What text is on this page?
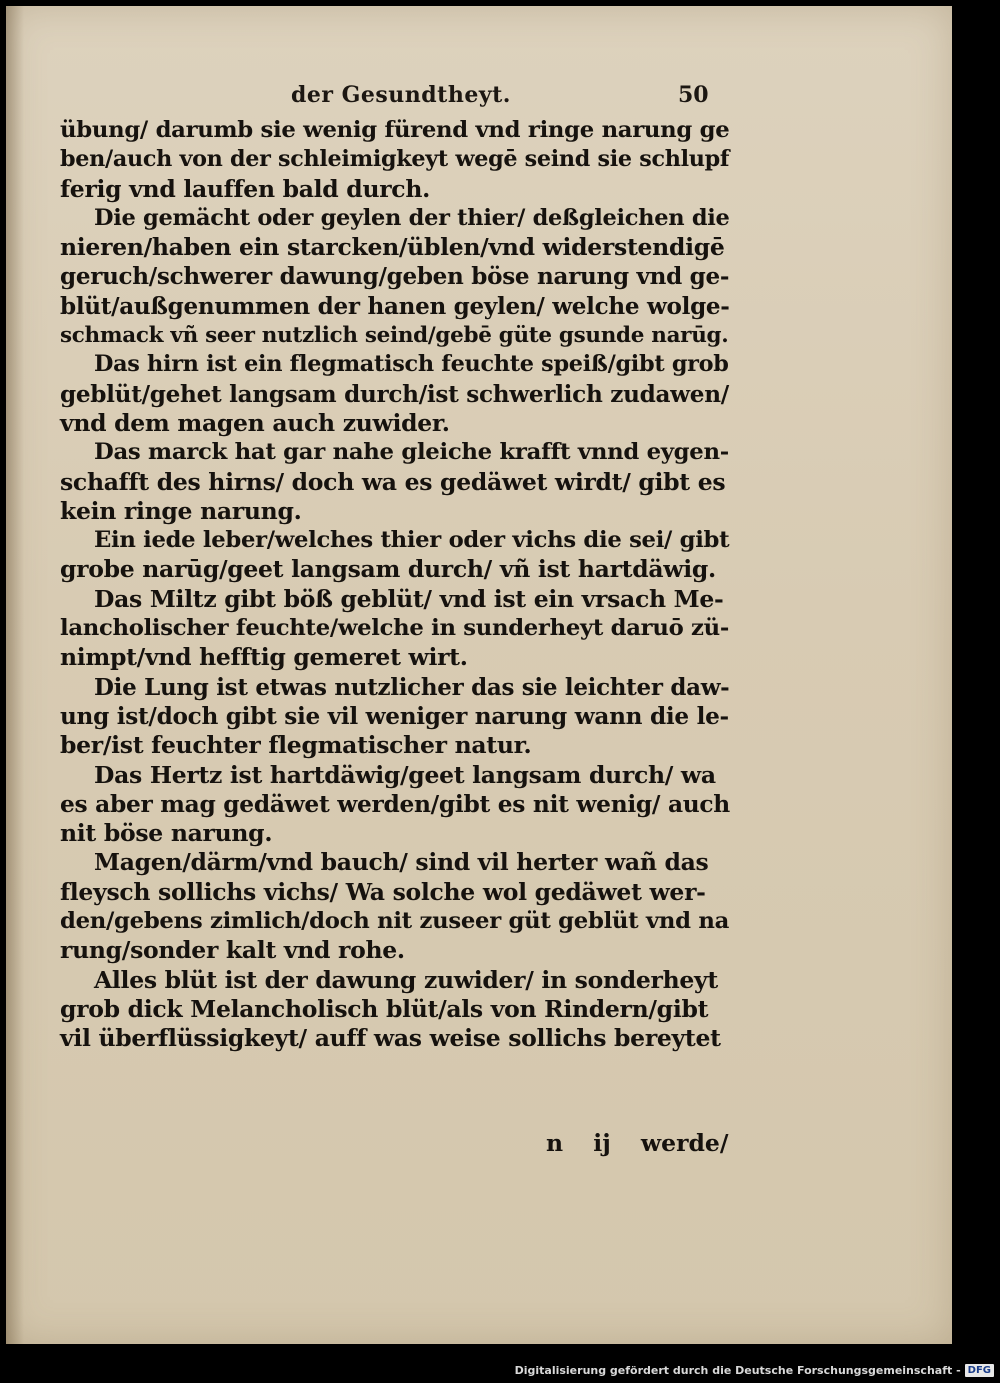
der Gesundtheyt.	50
übung/ darumb sie wenig fürend vnd ringe narung ge
ben/auch von der schleimigkeyt wegē seind sie schlupf
ferig vnd lauffen bald durch.
Die gemächt oder geylen der thier/ deßgleichen die
nieren/haben ein starcken/üblen/vnd widerstendigē
geruch/schwerer dawung/geben böse narung vnd ge-
blüt/außgenummen der hanen geylen/ welche wolge-
schmack vñ seer nutzlich seind/gebē güte gsunde narūg.
Das hirn ist ein flegmatisch feuchte speiß/gibt grob
geblüt/gehet langsam durch/ist schwerlich zudawen/
vnd dem magen auch zuwider.
Das marck hat gar nahe gleiche krafft vnnd eygen-
schafft des hirns/ doch wa es gedäwet wirdt/ gibt es
kein ringe narung.
Ein iede leber/welches thier oder vichs die sei/ gibt
grobe narūg/geet langsam durch/ vñ ist hartdäwig.
Das Miltz gibt böß geblüt/ vnd ist ein vrsach Me-
lancholischer feuchte/welche in sunderheyt daruō zü-
nimpt/vnd hefftig gemeret wirt.
Die Lung ist etwas nutzlicher das sie leichter daw-
ung ist/doch gibt sie vil weniger narung wann die le-
ber/ist feuchter flegmatischer natur.
Das Hertz ist hartdäwig/geet langsam durch/ wa
es aber mag gedäwet werden/gibt es nit wenig/ auch
nit böse narung.
Magen/därm/vnd bauch/ sind vil herter wañ das
fleysch sollichs vichs/ Wa solche wol gedäwet wer-
den/gebens zimlich/doch nit zuseer güt geblüt vnd na
rung/sonder kalt vnd rohe.
Alles blüt ist der dawung zuwider/ in sonderheyt
grob dick Melancholisch blüt/als von Rindern/gibt
vil überflüssigkeyt/ auff was weise sollichs bereytet
n ij werde/
Digitalisierung gefördert durch die Deutsche Forschungsgemeinschaft - DFG
